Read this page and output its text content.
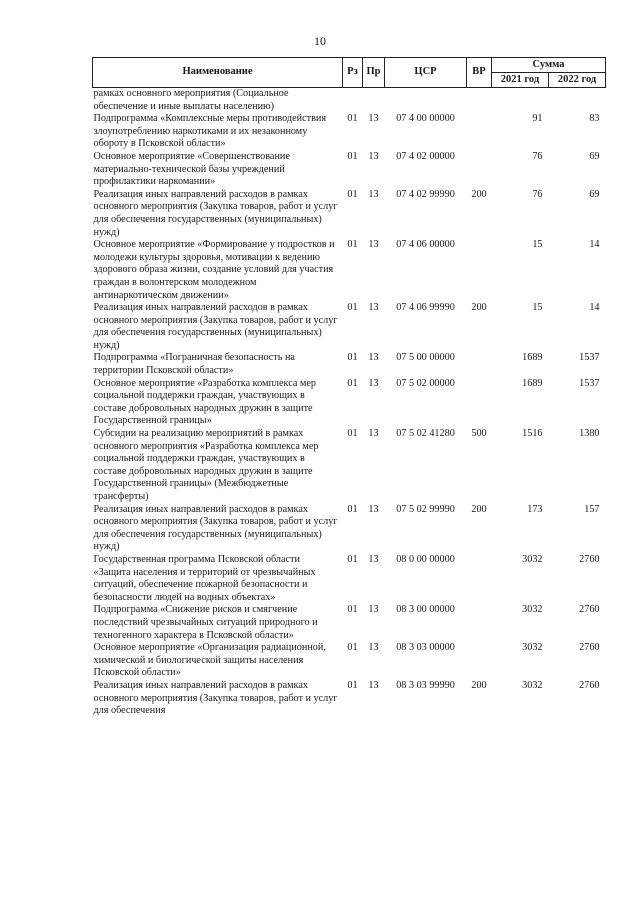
10
Наименование	Рз	Пр	ЦСР	ВР	Сумма	
					2021 год	2022 год
рамках основного мероприятия (Социальное обеспечение и иные выплаты населению)						
Подпрограмма «Комплексные меры противодействия злоупотреблению наркотиками и их незаконному обороту в Псковской области»	01	13	07 4 00 00000		91	83
Основное мероприятие «Совершенствование материально-технической базы учреждений профилактики наркомании»	01	13	07 4 02 00000		76	69
Реализация иных направлений расходов в рамках основного мероприятия (Закупка товаров, работ и услуг для обеспечения государственных (муниципальных) нужд)	01	13	07 4 02 99990	200	76	69
Основное мероприятие «Формирование у подростков и молодежи культуры здоровья, мотивации к ведению здорового образа жизни, создание условий для участия граждан в волонтерском молодежном антинаркотическом движении»	01	13	07 4 06 00000		15	14
Реализация иных направлений расходов в рамках основного мероприятия (Закупка товаров, работ и услуг для обеспечения государственных (муниципальных) нужд)	01	13	07 4 06 99990	200	15	14
Подпрограмма «Пограничная безопасность на территории Псковской области»	01	13	07 5 00 00000		1689	1537
Основное мероприятие «Разработка комплекса мер социальной поддержки граждан, участвующих в составе добровольных народных дружин в защите Государственной границы»	01	13	07 5 02 00000		1689	1537
Субсидии на реализацию мероприятий в рамках основного мероприятия «Разработка комплекса мер социальной поддержки граждан, участвующих в составе добровольных народных дружин в защите Государственной границы» (Межбюджетные трансферты)	01	13	07 5 02 41280	500	1516	1380
Реализация иных направлений расходов в рамках основного мероприятия (Закупка товаров, работ и услуг для обеспечения государственных (муниципальных) нужд)	01	13	07 5 02 99990	200	173	157
Государственная программа Псковской области «Защита населения и территорий от чрезвычайных ситуаций, обеспечение пожарной безопасности и безопасности людей на водных объектах»	01	13	08 0 00 00000		3032	2760
Подпрограмма «Снижение рисков и смягчение последствий чрезвычайных ситуаций природного и техногенного характера в Псковской области»	01	13	08 3 00 00000		3032	2760
Основное мероприятие «Организация радиационной, химической и биологической защиты населения Псковской области»	01	13	08 3 03 00000		3032	2760
Реализация иных направлений расходов в рамках основного мероприятия (Закупка товаров, работ и услуг для обеспечения	01	13	08 3 03 99990	200	3032	2760
